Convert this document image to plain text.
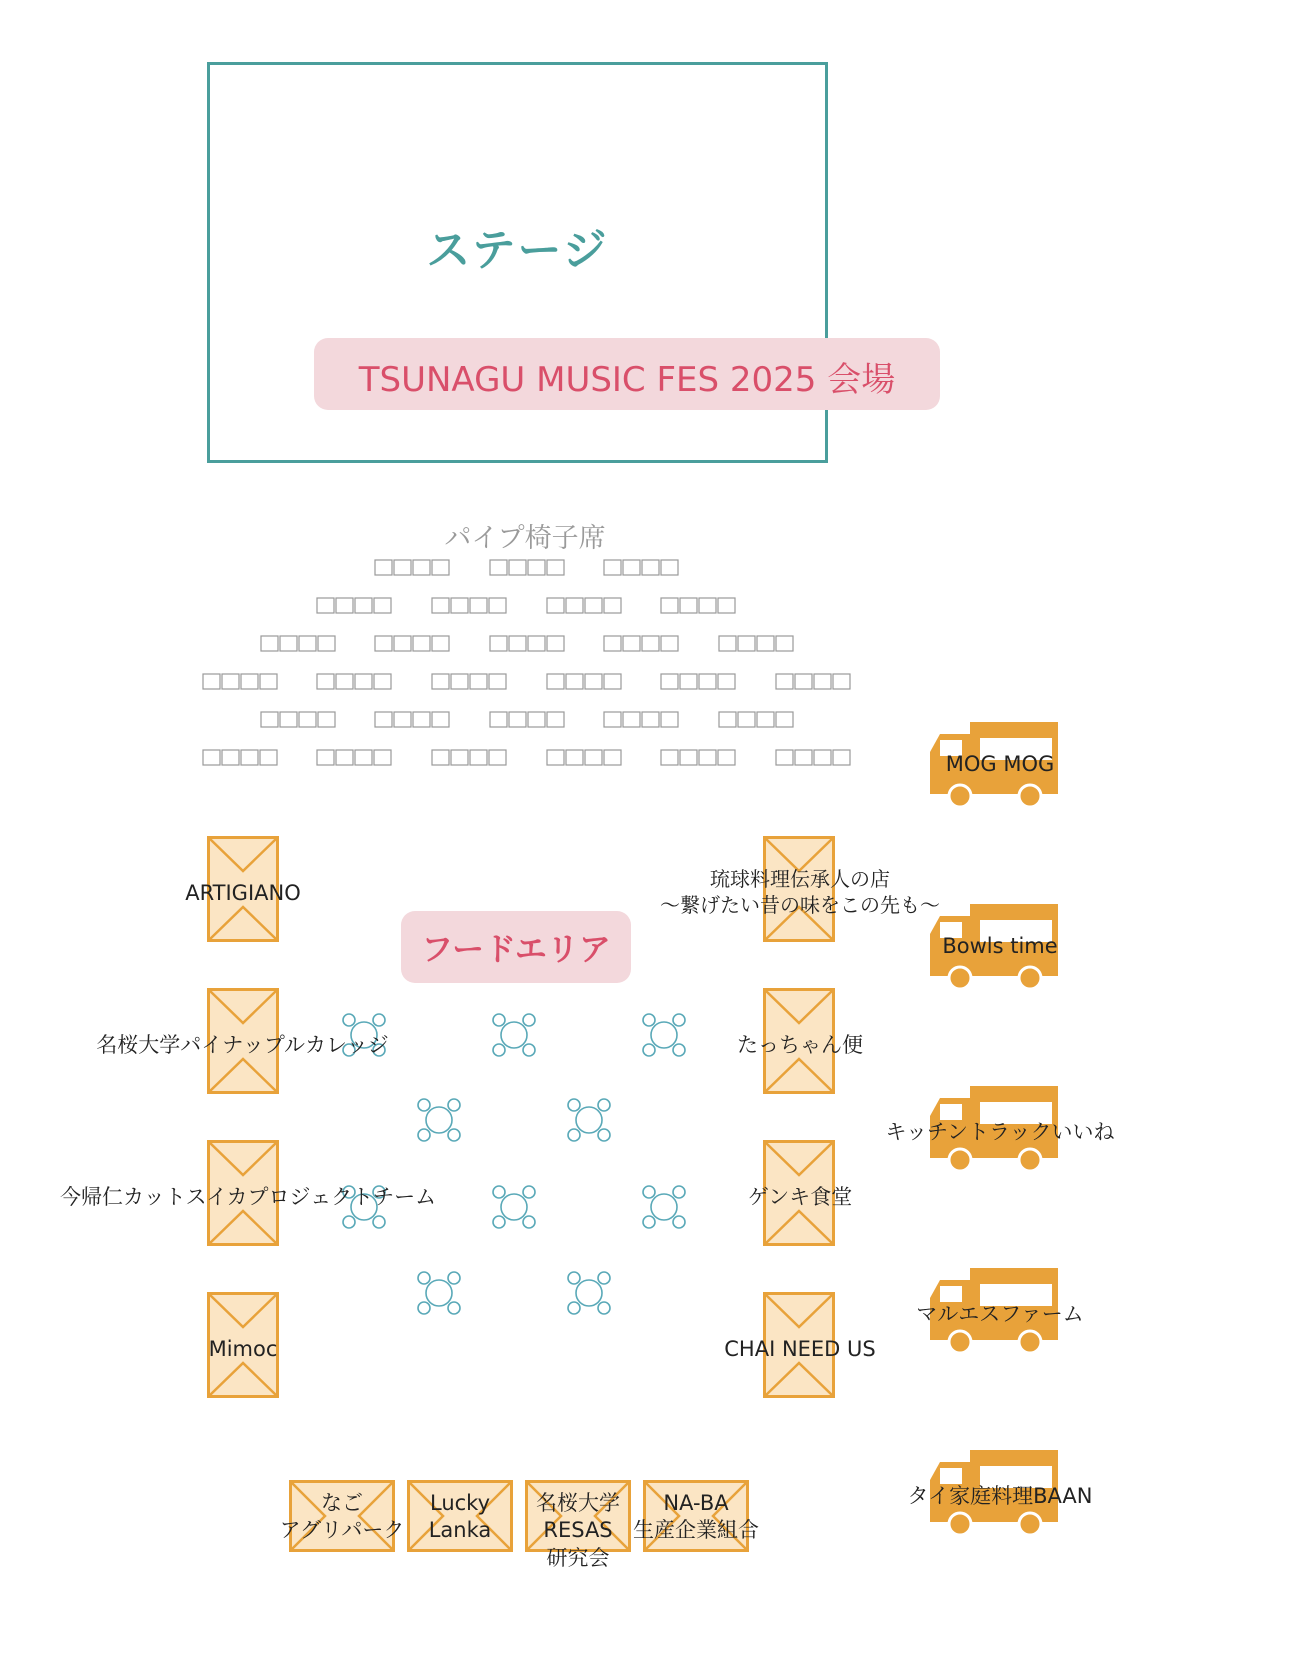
ステージ
TSUNAGU MUSIC FES 2025 会場
パイプ椅子席
フードエリア
ARTIGIANO
名桜大学パイナップルカレッジ
今帰仁カットスイカプロジェクトチーム
Mimoc
琉球料理伝承人の店
～繋げたい昔の味をこの先も～
たっちゃん便
ゲンキ食堂
CHAI NEED US
なご
アグリパーク
Lucky
Lanka
名桜大学
RESAS
研究会
NA-BA
生産企業組合
MOG MOG
Bowls time
キッチントラックいいね
マルエスファーム
タイ家庭料理BAAN
